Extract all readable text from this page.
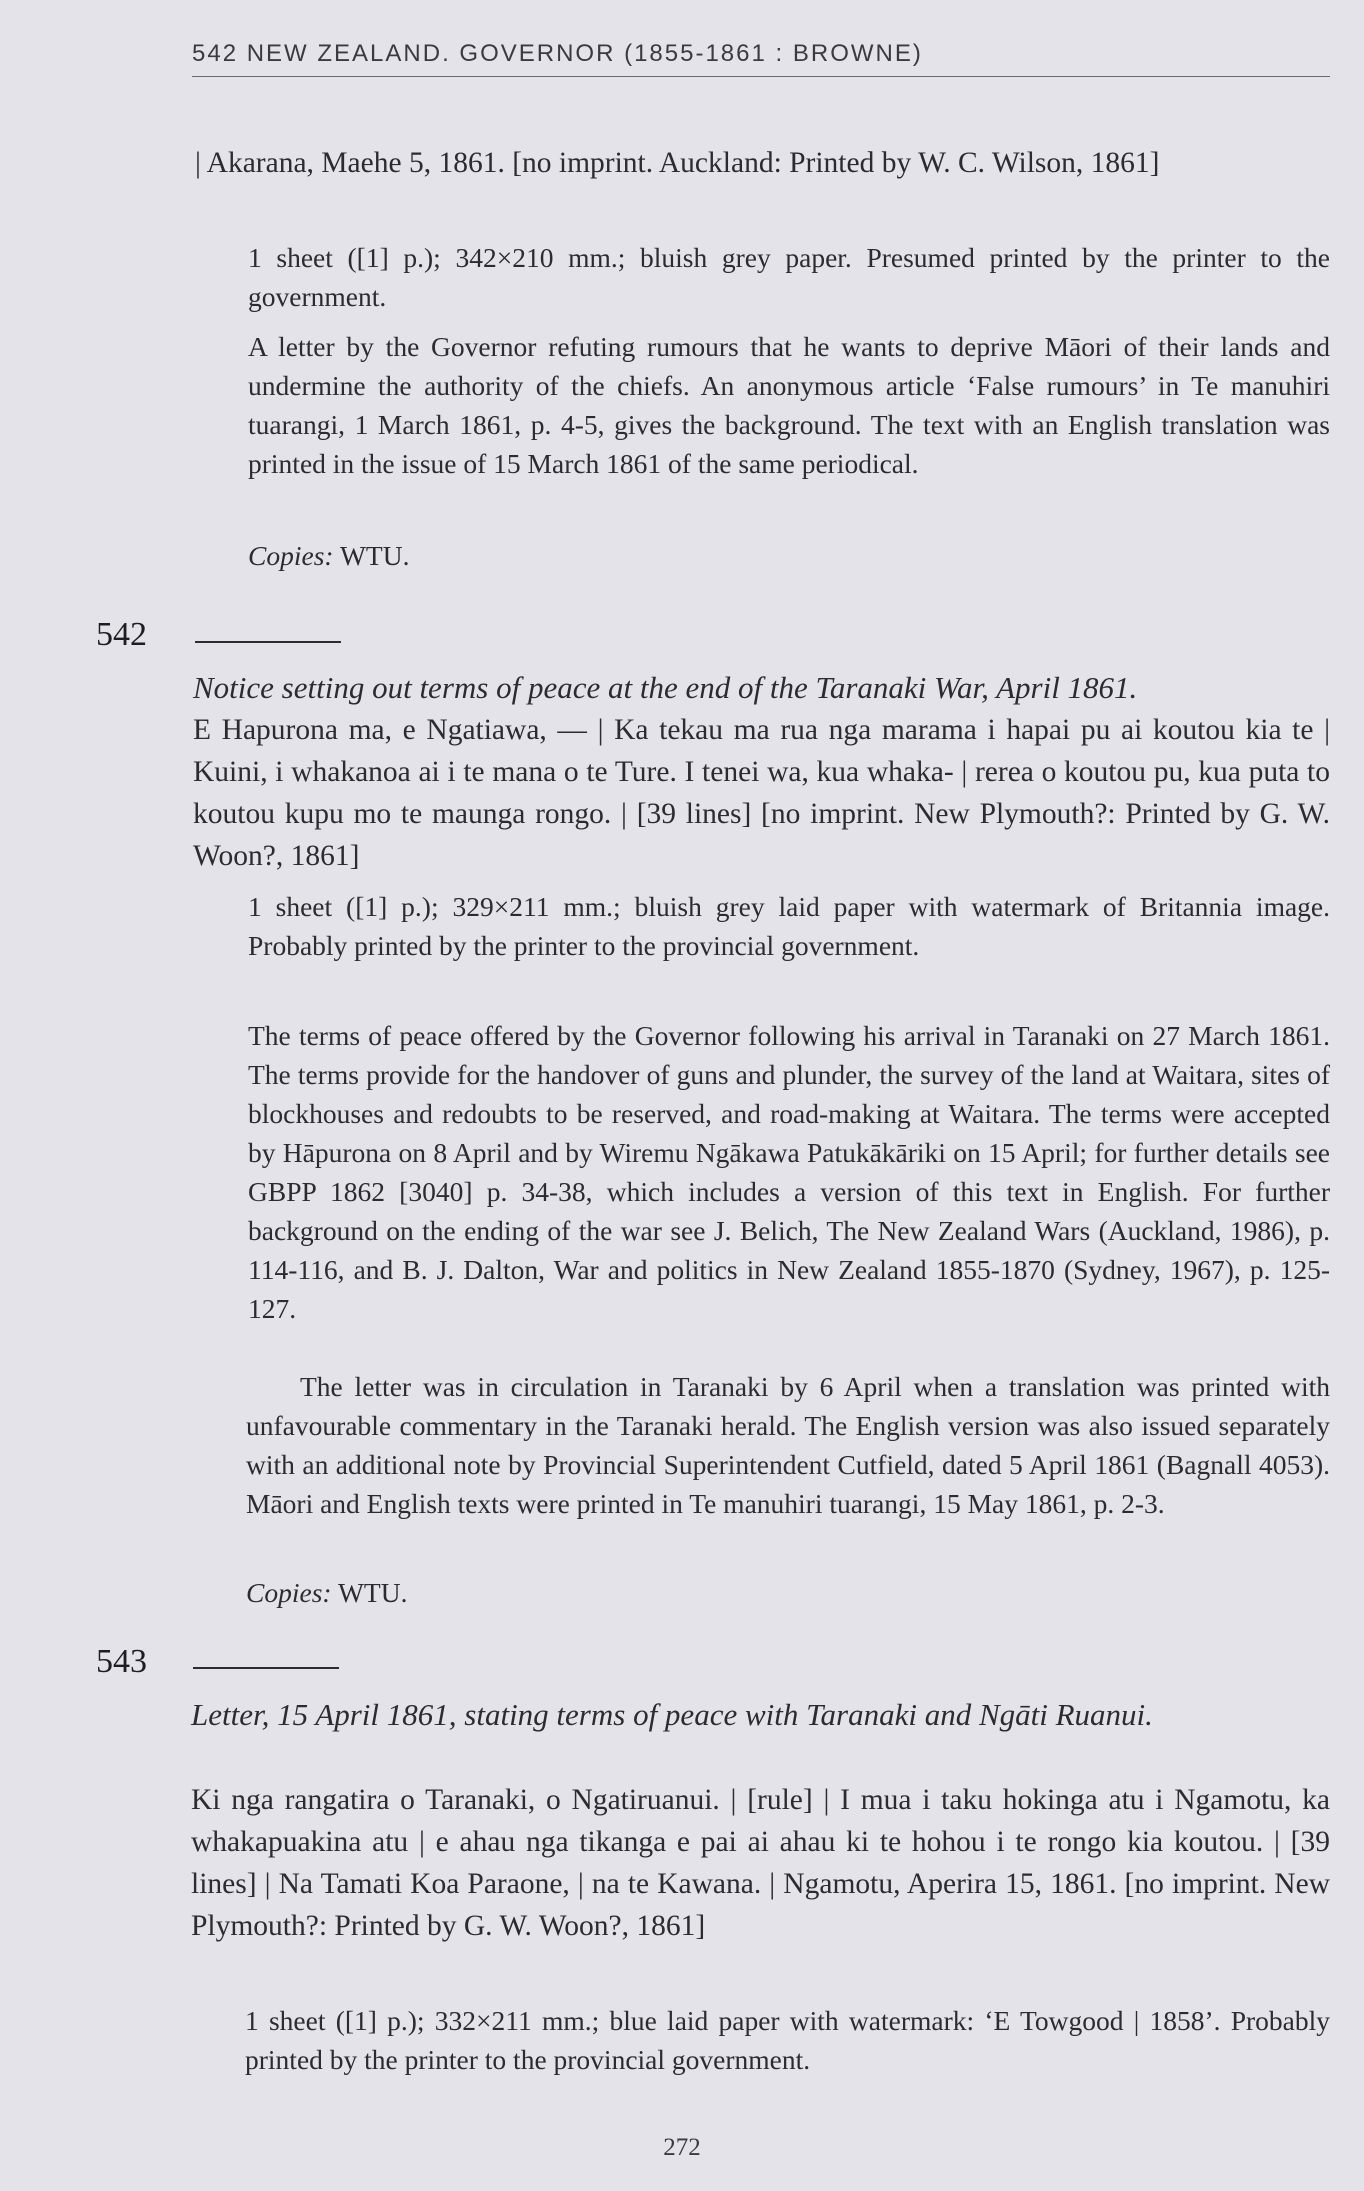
542 NEW ZEALAND. GOVERNOR (1855-1861 : BROWNE)

| Akarana, Maehe 5, 1861. [no imprint. Auckland: Printed by W. C. Wilson, 1861]

1 sheet ([1] p.); 342×210 mm.; bluish grey paper. Presumed printed by the printer to the government.

A letter by the Governor refuting rumours that he wants to deprive Māori of their lands and undermine the authority of the chiefs. An anonymous article ‘False rumours’ in Te manuhiri tuarangi, 1 March 1861, p. 4-5, gives the background. The text with an English translation was printed in the issue of 15 March 1861 of the same periodical.

Copies: WTU.

542

Notice setting out terms of peace at the end of the Taranaki War, April 1861.

E Hapurona ma, e Ngatiawa, — | Ka tekau ma rua nga marama i hapai pu ai koutou kia te | Kuini, i whakanoa ai i te mana o te Ture. I tenei wa, kua whaka- | rerea o koutou pu, kua puta to koutou kupu mo te maunga rongo. | [39 lines] [no imprint. New Plymouth?: Printed by G. W. Woon?, 1861]

1 sheet ([1] p.); 329×211 mm.; bluish grey laid paper with watermark of Britannia image. Probably printed by the printer to the provincial government.

The terms of peace offered by the Governor following his arrival in Taranaki on 27 March 1861. The terms provide for the handover of guns and plunder, the survey of the land at Waitara, sites of blockhouses and redoubts to be reserved, and road-making at Waitara. The terms were accepted by Hāpurona on 8 April and by Wiremu Ngākawa Patukākāriki on 15 April; for further details see GBPP 1862 [3040] p. 34-38, which includes a version of this text in English. For further background on the ending of the war see J. Belich, The New Zealand Wars (Auckland, 1986), p. 114-116, and B. J. Dalton, War and politics in New Zealand 1855-1870 (Sydney, 1967), p. 125-127.

The letter was in circulation in Taranaki by 6 April when a translation was printed with unfavourable commentary in the Taranaki herald. The English version was also issued separately with an additional note by Provincial Superintendent Cutfield, dated 5 April 1861 (Bagnall 4053). Māori and English texts were printed in Te manuhiri tuarangi, 15 May 1861, p. 2-3.

Copies: WTU.

543

Letter, 15 April 1861, stating terms of peace with Taranaki and Ngāti Ruanui.

Ki nga rangatira o Taranaki, o Ngatiruanui. | [rule] | I mua i taku hokinga atu i Ngamotu, ka whakapuakina atu | e ahau nga tikanga e pai ai ahau ki te hohou i te rongo kia koutou. | [39 lines] | Na Tamati Koa Paraone, | na te Kawana. | Ngamotu, Aperira 15, 1861. [no imprint. New Plymouth?: Printed by G. W. Woon?, 1861]

1 sheet ([1] p.); 332×211 mm.; blue laid paper with watermark: ‘E Towgood | 1858’. Probably printed by the printer to the provincial government.

272
